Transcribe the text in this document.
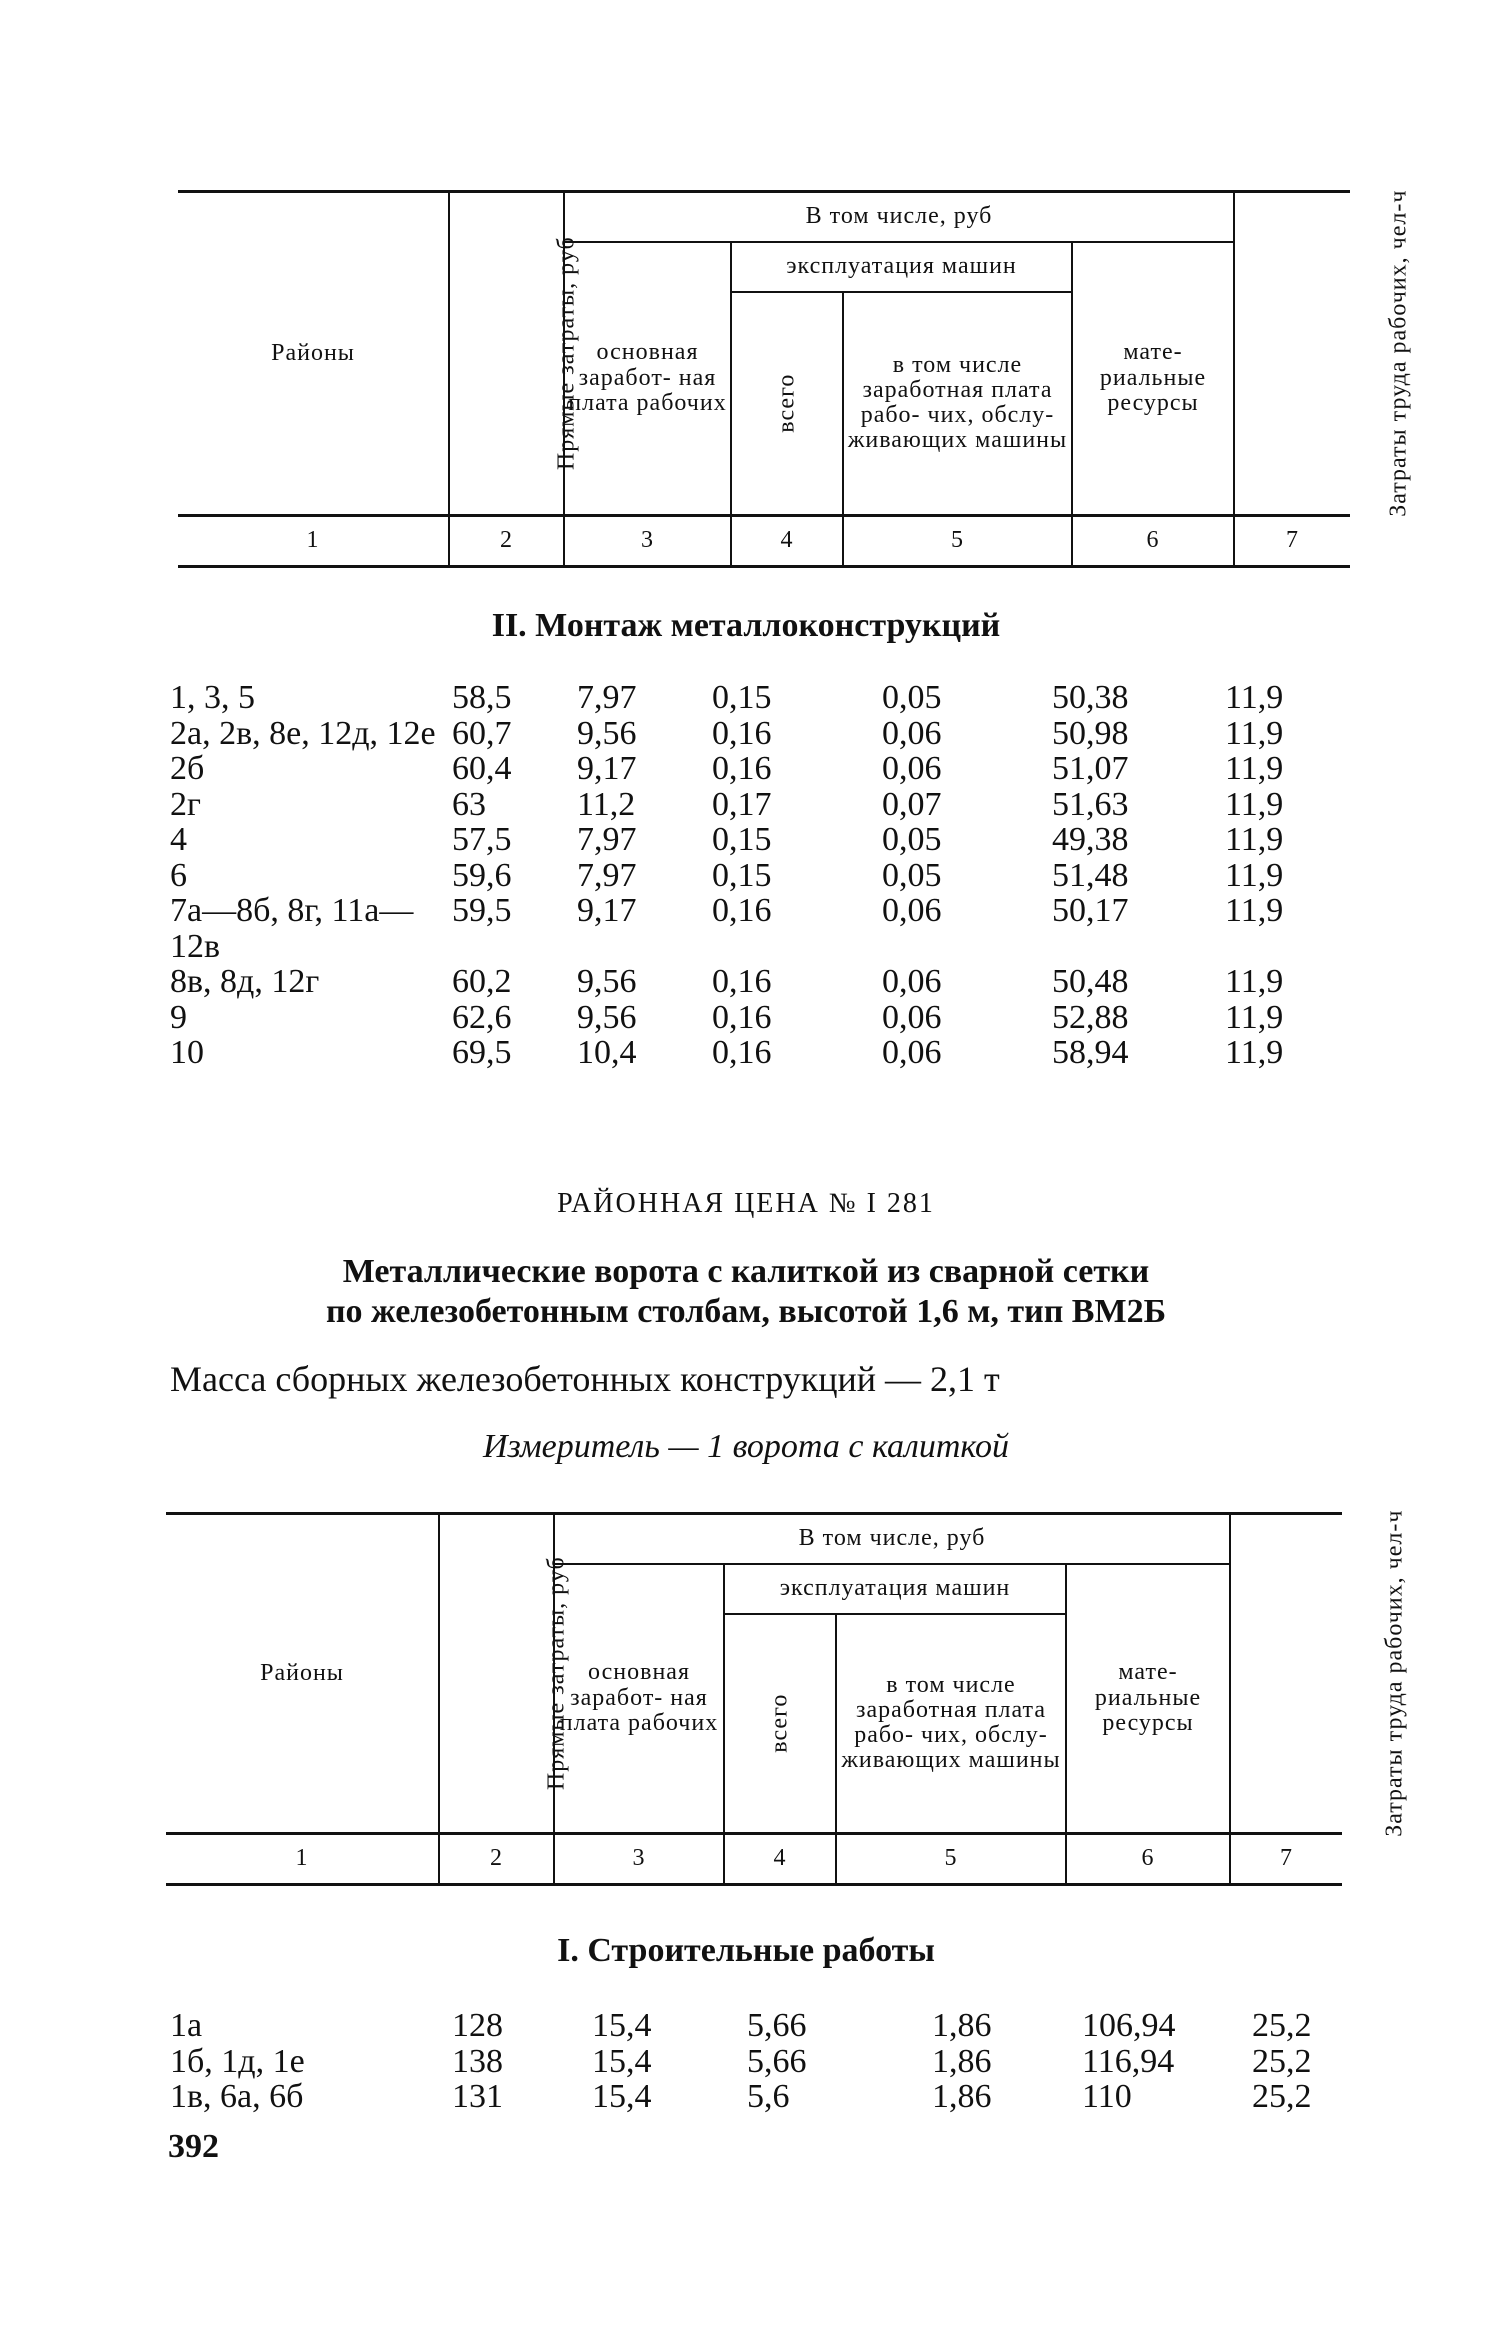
Районы	Прямые затраты, руб	В том числе, руб				Затраты труда рабочих, чел-ч
		основная заработ- ная плата рабочих	эксплуатация машин		мате- риальные ресурсы	
			всего	в том числе заработная плата рабо- чих, обслу- живающих машины		
1	2	3	4	5	6	7
II. Монтаж металлоконструкций
1, 3, 5	58,5	7,97	0,15	0,05	50,38	11,9
2а, 2в, 8е, 12д, 12е	60,7	9,56	0,16	0,06	50,98	11,9
2б	60,4	9,17	0,16	0,06	51,07	11,9
2г	63	11,2	0,17	0,07	51,63	11,9
4	57,5	7,97	0,15	0,05	49,38	11,9
6	59,6	7,97	0,15	0,05	51,48	11,9
7а—8б, 8г, 11а—12в	59,5	9,17	0,16	0,06	50,17	11,9
8в, 8д, 12г	60,2	9,56	0,16	0,06	50,48	11,9
9	62,6	9,56	0,16	0,06	52,88	11,9
10	69,5	10,4	0,16	0,06	58,94	11,9
РАЙОННАЯ ЦЕНА № I 281
Металлические ворота с калиткой из сварной сетки
по железобетонным столбам, высотой 1,6 м, тип ВМ2Б
Масса сборных железобетонных конструкций — 2,1 т
Измеритель — 1 ворота с калиткой
Районы	Прямые затраты, руб	В том числе, руб				Затраты труда рабочих, чел-ч
		основная заработ- ная плата рабочих	эксплуатация машин		мате- риальные ресурсы	
			всего	в том числе заработная плата рабо- чих, обслу- живающих машины		
1	2	3	4	5	6	7
I. Строительные работы
1а	128	15,4	5,66	1,86	106,94	25,2
1б, 1д, 1е	138	15,4	5,66	1,86	116,94	25,2
1в, 6а, 6б	131	15,4	5,6	1,86	110	25,2
392
